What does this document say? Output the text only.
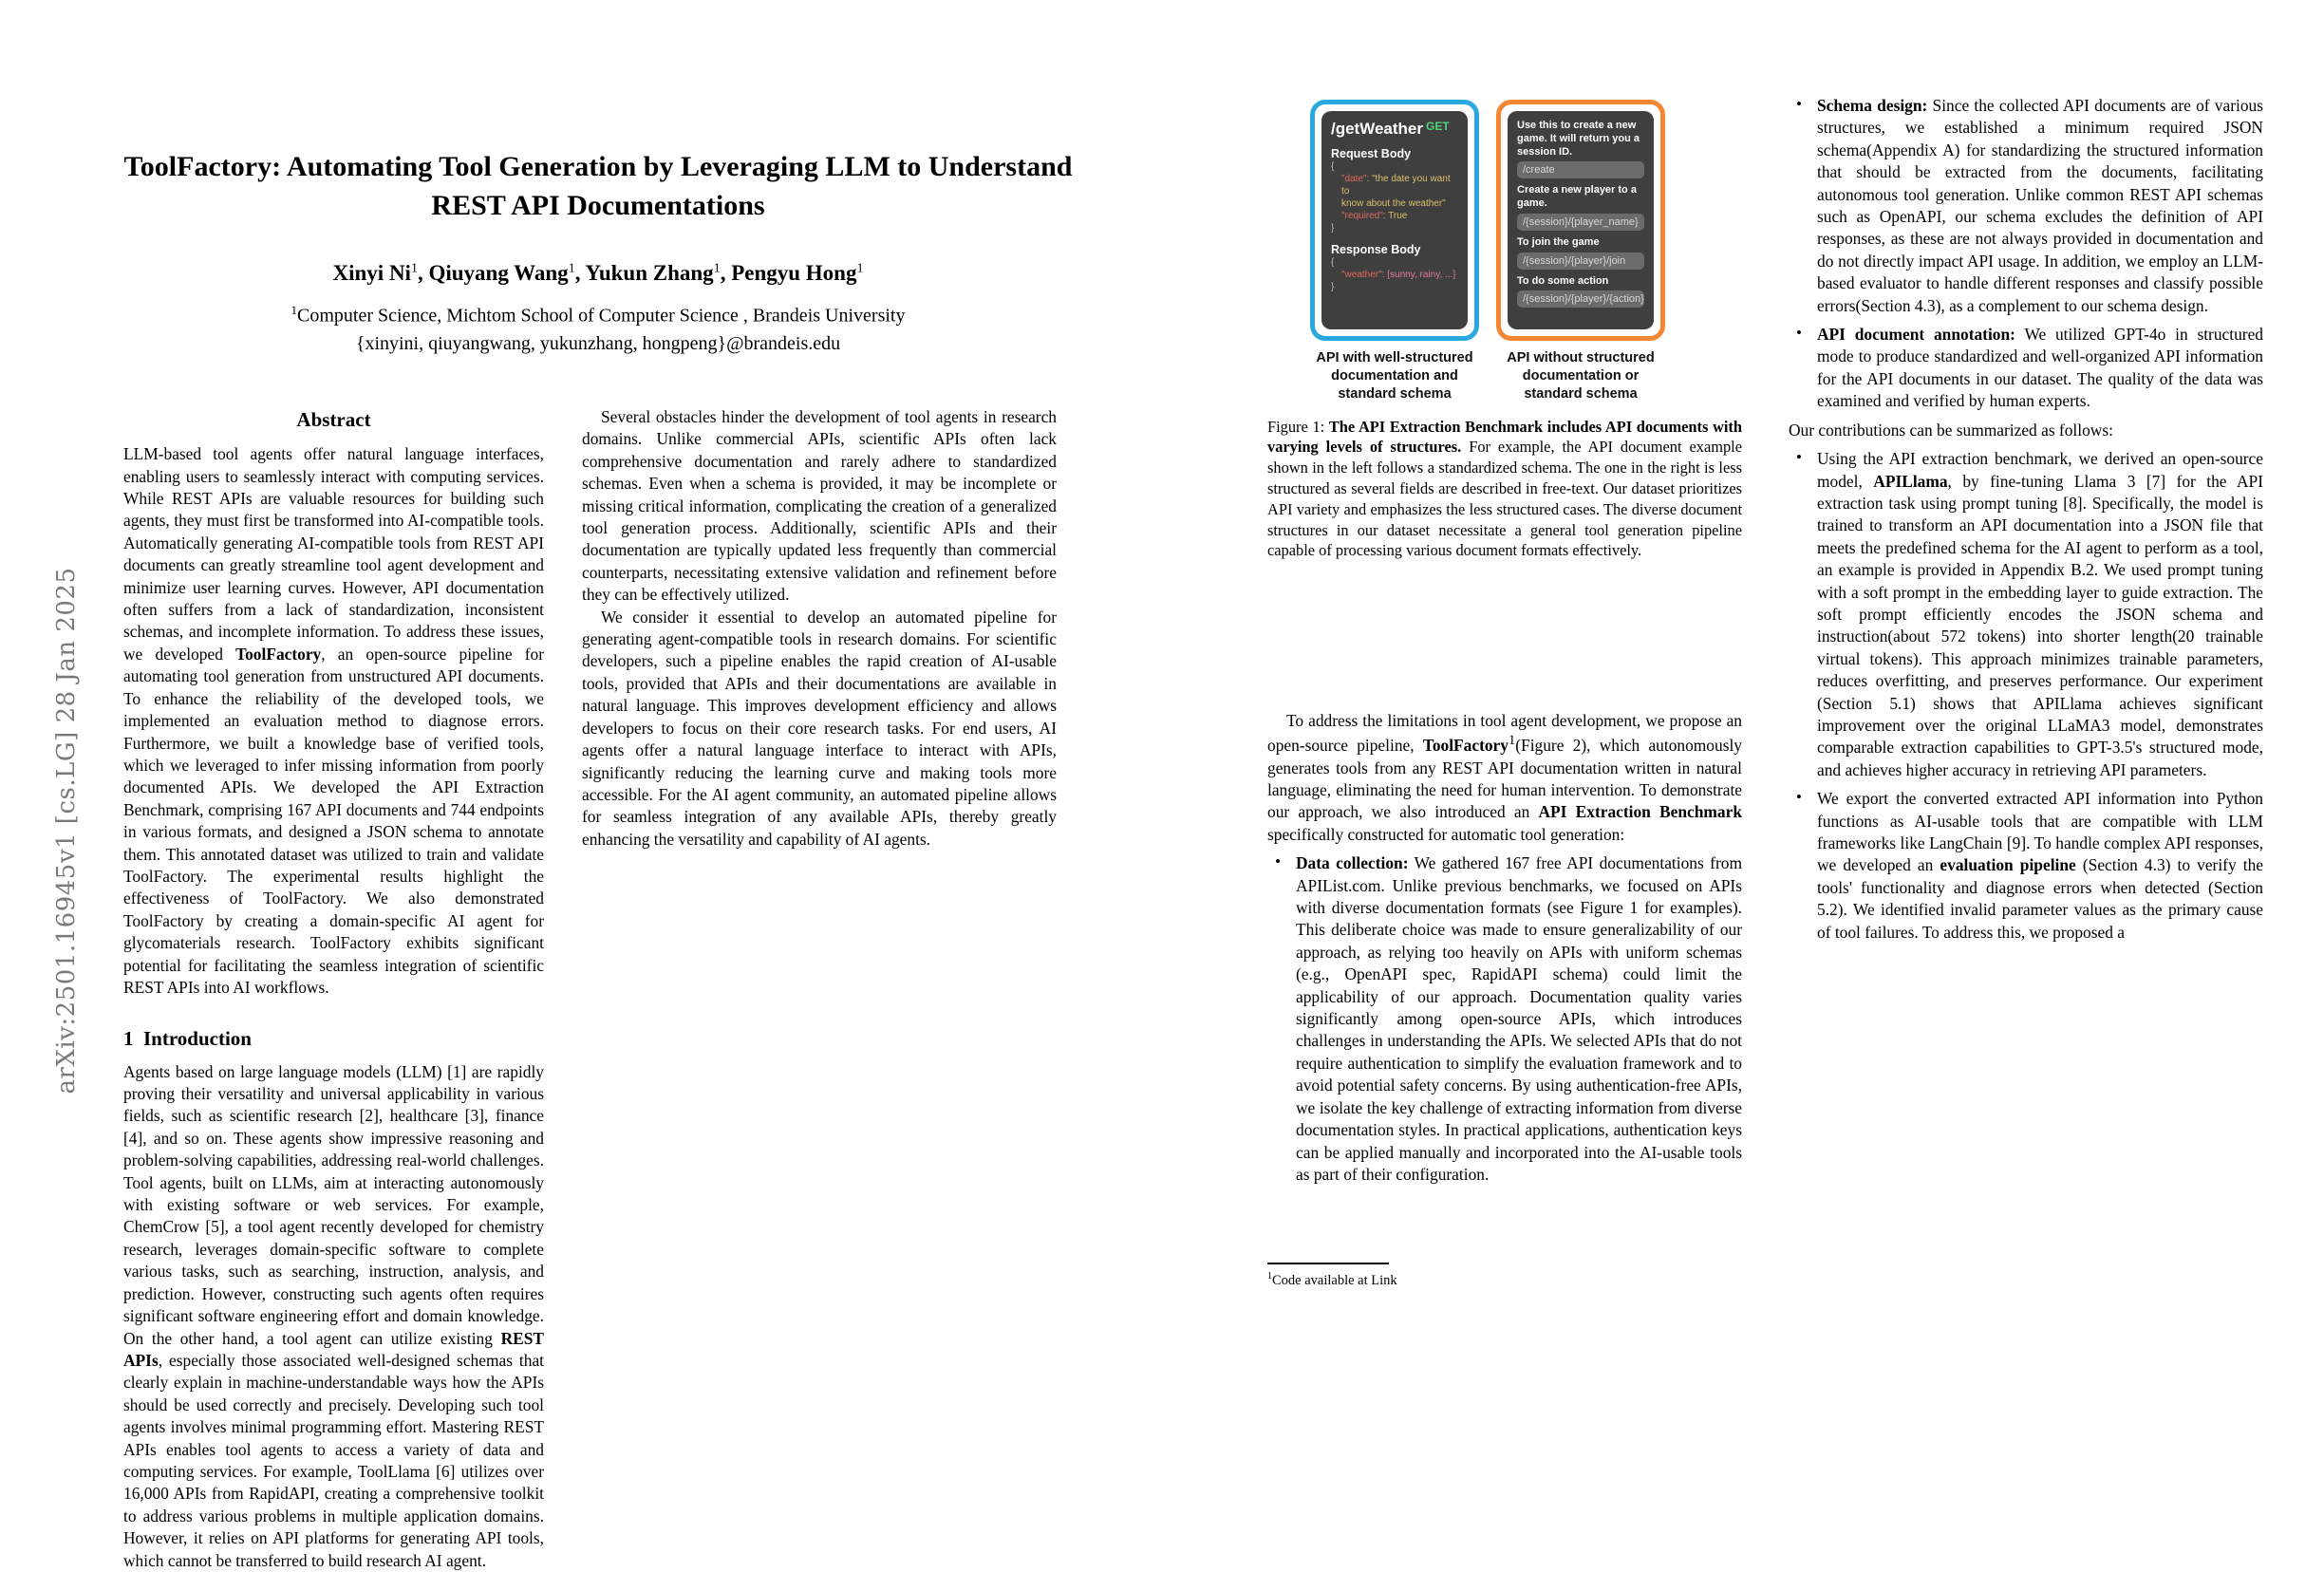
arXiv:2501.16945v1 [cs.LG] 28 Jan 2025
ToolFactory: Automating Tool Generation by Leveraging LLM to Understand REST API Documentations
Xinyi Ni$^1$, Qiuyang Wang$^1$, Yukun Zhang$^1$, Pengyu Hong$^1$
$^1$Computer Science, Michtom School of Computer Science , Brandeis University
{xinyini, qiuyangwang, yukunzhang, hongpeng}@brandeis.edu
Abstract

LLM-based tool agents offer natural language interfaces, enabling users to seamlessly interact with computing services. While REST APIs are valuable resources for building such agents, they must first be transformed into AI-compatible tools. Automatically generating AI-compatible tools from REST API documents can greatly streamline tool agent development and minimize user learning curves. However, API documentation often suffers from a lack of standardization, inconsistent schemas, and incomplete information. To address these issues, we developed ToolFactory, an open-source pipeline for automating tool generation from unstructured API documents. To enhance the reliability of the developed tools, we implemented an evaluation method to diagnose errors. Furthermore, we built a knowledge base of verified tools, which we leveraged to infer missing information from poorly documented APIs. We developed the API Extraction Benchmark, comprising 167 API documents and 744 endpoints in various formats, and designed a JSON schema to annotate them. This annotated dataset was utilized to train and validate ToolFactory. The experimental results highlight the effectiveness of ToolFactory. We also demonstrated ToolFactory by creating a domain-specific AI agent for glycomaterials research. ToolFactory exhibits significant potential for facilitating the seamless integration of scientific REST APIs into AI workflows.

1 Introduction

Agents based on large language models (LLM) [1] are rapidly proving their versatility and universal applicability in various fields, such as scientific research [2], healthcare [3], finance [4], and so on. These agents show impressive reasoning and problem-solving capabilities, addressing real-world challenges. Tool agents, built on LLMs, aim at interacting autonomously with existing software or web services. For example, ChemCrow [5], a tool agent recently developed for chemistry research, leverages domain-specific software to complete various tasks, such as searching, instruction, analysis, and prediction. However, constructing such agents often requires significant software engineering effort and domain knowledge. On the other hand, a tool agent can utilize existing REST APIs, especially those associated well-designed schemas that clearly explain in machine-understandable ways how the APIs should be used correctly and precisely. Developing such tool agents involves minimal programming effort. Mastering REST APIs enables tool agents to access a variety of data and computing services. For example, ToolLlama [6] utilizes over 16,000 APIs from RapidAPI, creating a comprehensive toolkit to address various problems in multiple application domains. However, it relies on API platforms for generating API tools, which cannot be transferred to build research AI agent.

Several obstacles hinder the development of tool agents in research domains. Unlike commercial APIs, scientific APIs often lack comprehensive documentation and rarely adhere to standardized schemas. Even when a schema is provided, it may be incomplete or missing critical information, complicating the creation of a generalized tool generation process. Additionally, scientific APIs and their documentation are typically updated less frequently than commercial counterparts, necessitating extensive validation and refinement before they can be effectively utilized.

We consider it essential to develop an automated pipeline for generating agent-compatible tools in research domains. For scientific developers, such a pipeline enables the rapid creation of AI-usable tools, provided that APIs and their documentations are available in natural language. This improves development efficiency and allows developers to focus on their core research tasks. For end users, AI agents offer a natural language interface to interact with APIs, significantly reducing the learning curve and making tools more accessible. For the AI agent community, an automated pipeline allows for seamless integration of any available APIs, thereby greatly enhancing the versatility and capability of AI agents.

/getWeather $^{GET}$
Request Body
{
"date": "the date you want to
know about the weather"
"required": True
}
Response Body
{
"weather": [sunny, rainy, ...]
}
API with well-structured documentation and standard schema
Use this to create a new game. It will return you a session ID.
/create
Create a new player to a game.
/{session}/{player_name}
To join the game
/{session}/{player}/join
To do some action
/{session}/{player}/{action}
API without structured documentation or standard schema
Figure 1: The API Extraction Benchmark includes API documents with varying levels of structures. For example, the API document example shown in the left follows a standardized schema. The one in the right is less structured as several fields are described in free-text. Our dataset prioritizes API variety and emphasizes the less structured cases. The diverse document structures in our dataset necessitate a general tool generation pipeline capable of processing various document formats effectively.

To address the limitations in tool agent development, we propose an open-source pipeline, ToolFactory$^1$(Figure 2), which autonomously generates tools from any REST API documentation written in natural language, eliminating the need for human intervention. To demonstrate our approach, we also introduced an API Extraction Benchmark specifically constructed for automatic tool generation:

• Data collection: We gathered 167 free API documentations from APIList.com. Unlike previous benchmarks, we focused on APIs with diverse documentation formats (see Figure 1 for examples). This deliberate choice was made to ensure generalizability of our approach, as relying too heavily on APIs with uniform schemas (e.g., OpenAPI spec, RapidAPI schema) could limit the applicability of our approach. Documentation quality varies significantly among open-source APIs, which introduces challenges in understanding the APIs. We selected APIs that do not require authentication to simplify the evaluation framework and to avoid potential safety concerns. By using authentication-free APIs, we isolate the key challenge of extracting information from diverse documentation styles. In practical applications, authentication keys can be applied manually and incorporated into the AI-usable tools as part of their configuration.
• Schema design: Since the collected API documents are of various structures, we established a minimum required JSON schema(Appendix A) for standardizing the structured information that should be extracted from the documents, facilitating autonomous tool generation. Unlike common REST API schemas such as OpenAPI, our schema excludes the definition of API responses, as these are not always provided in documentation and do not directly impact API usage. In addition, we employ an LLM-based evaluator to handle different responses and classify possible errors(Section 4.3), as a complement to our schema design.
• API document annotation: We utilized GPT-4o in structured mode to produce standardized and well-organized API information for the API documents in our dataset. The quality of the data was examined and verified by human experts.

Our contributions can be summarized as follows:

• Using the API extraction benchmark, we derived an open-source model, APILlama, by fine-tuning Llama 3 [7] for the API extraction task using prompt tuning [8]. Specifically, the model is trained to transform an API documentation into a JSON file that meets the predefined schema for the AI agent to perform as a tool, an example is provided in Appendix B.2. We used prompt tuning with a soft prompt in the embedding layer to guide extraction. The soft prompt efficiently encodes the JSON schema and instruction(about 572 tokens) into shorter length(20 trainable virtual tokens). This approach minimizes trainable parameters, reduces overfitting, and preserves performance. Our experiment (Section 5.1) shows that APILlama achieves significant improvement over the original LLaMA3 model, demonstrates comparable extraction capabilities to GPT-3.5's structured mode, and achieves higher accuracy in retrieving API parameters.
• We export the converted extracted API information into Python functions as AI-usable tools that are compatible with LLM frameworks like LangChain [9]. To handle complex API responses, we developed an evaluation pipeline (Section 4.3) to verify the tools' functionality and diagnose errors when detected (Section 5.2). We identified invalid parameter values as the primary cause of tool failures. To address this, we proposed a
$^1$Code available at Link
